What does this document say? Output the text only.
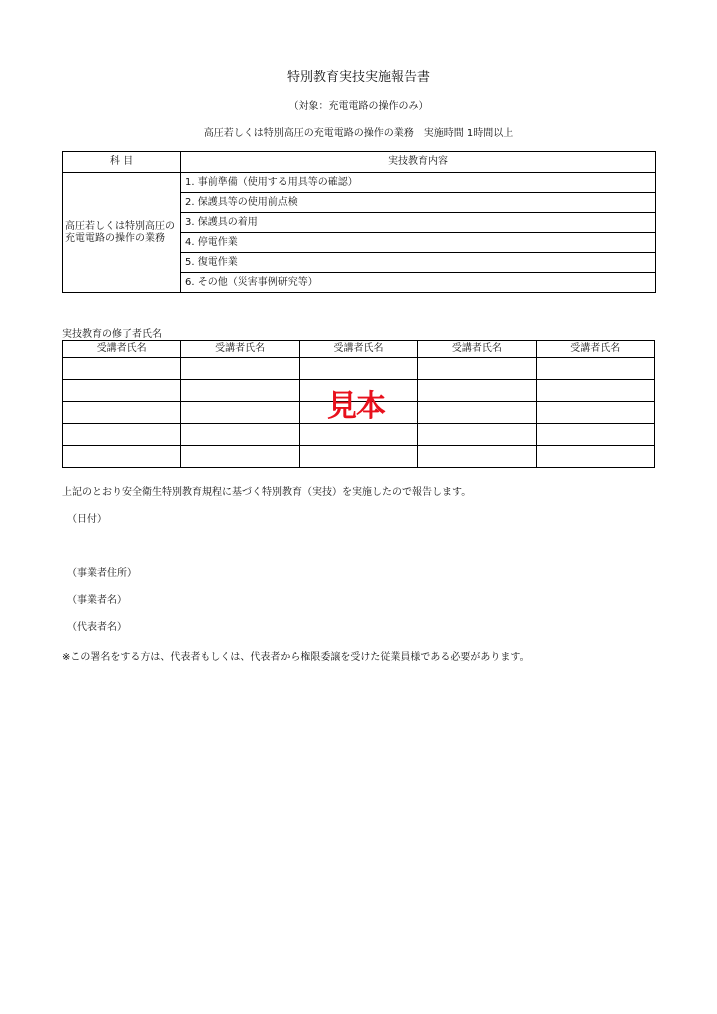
特別教育実技実施報告書
（対象：充電電路の操作のみ）
高圧若しくは特別高圧の充電電路の操作の業務　実施時間 1時間以上
科 目	実技教育内容
高圧若しくは特別高圧の充電電路の操作の業務	1. 事前準備（使用する用具等の確認）
	2. 保護具等の使用前点検
	3. 保護具の着用
	4. 停電作業
	5. 復電作業
	6. その他（災害事例研究等）
実技教育の修了者氏名
受講者氏名	受講者氏名	受講者氏名	受講者氏名	受講者氏名

見本
上記のとおり安全衛生特別教育規程に基づく特別教育（実技）を実施したので報告します。
（日付）
（事業者住所）
（事業者名）
（代表者名）
※この署名をする方は、代表者もしくは、代表者から権限委譲を受けた従業員様である必要があります。
